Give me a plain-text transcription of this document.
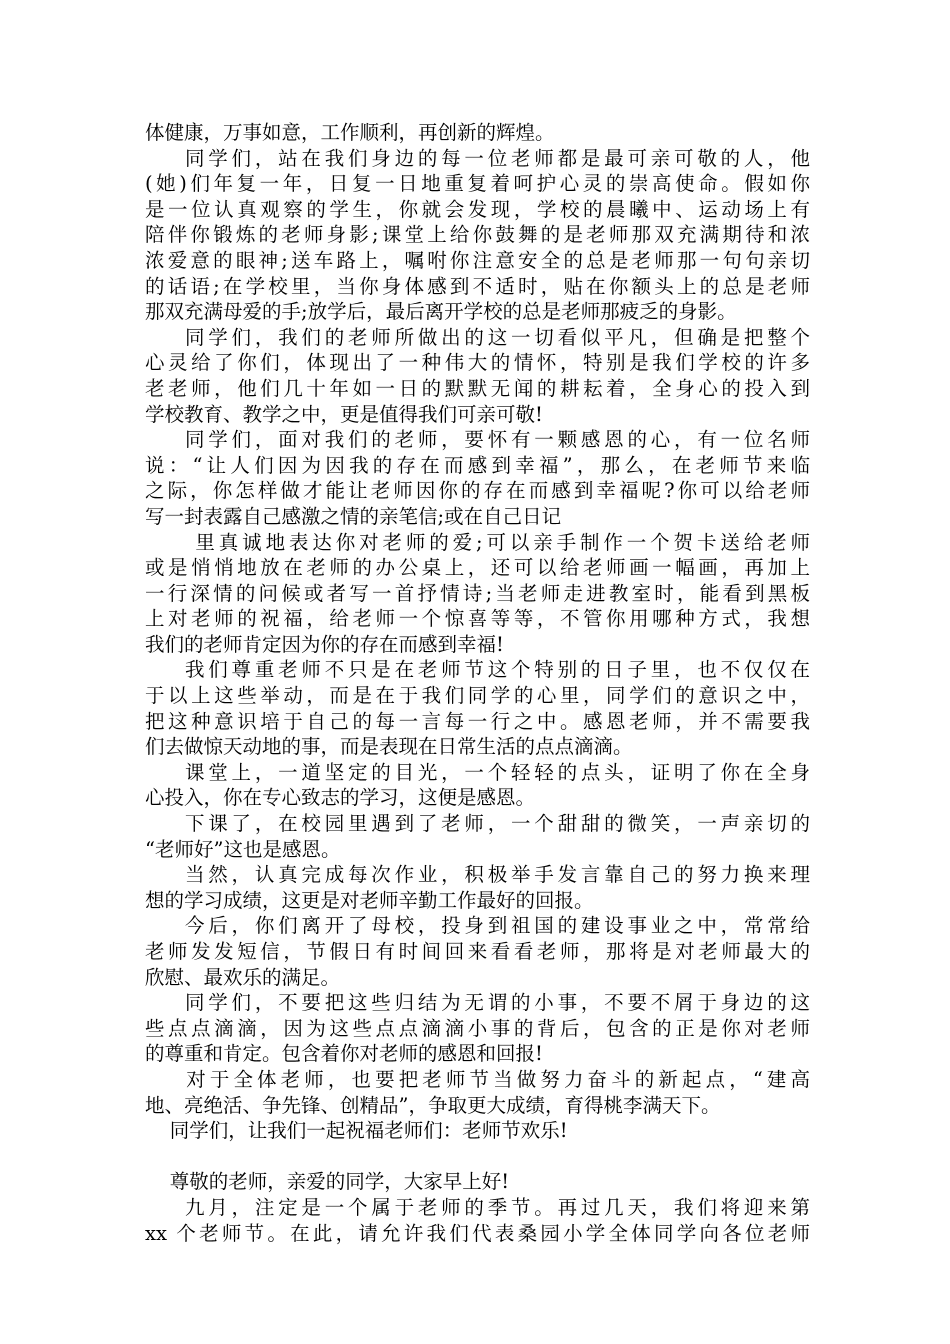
体健康，万事如意，工作顺利，再创新的辉煌。
同学们，站在我们身边的每一位老师都是最可亲可敬的人，他
(她)们年复一年，日复一日地重复着呵护心灵的崇高使命。假如你
是一位认真观察的学生，你就会发现，学校的晨曦中、运动场上有
陪伴你锻炼的老师身影;课堂上给你鼓舞的是老师那双充满期待和浓
浓爱意的眼神;送车路上，嘱咐你注意安全的总是老师那一句句亲切
的话语;在学校里，当你身体感到不适时，贴在你额头上的总是老师
那双充满母爱的手;放学后，最后离开学校的总是老师那疲乏的身影。
同学们，我们的老师所做出的这一切看似平凡，但确是把整个
心灵给了你们，体现出了一种伟大的情怀，特别是我们学校的许多
老老师，他们几十年如一日的默默无闻的耕耘着，全身心的投入到
学校教育、教学之中，更是值得我们可亲可敬!
同学们，面对我们的老师，要怀有一颗感恩的心，有一位名师
说：“让人们因为因我的存在而感到幸福”，那么，在老师节来临
之际，你怎样做才能让老师因你的存在而感到幸福呢?你可以给老师
写一封表露自己感激之情的亲笔信;或在自己日记
里真诚地表达你对老师的爱;可以亲手制作一个贺卡送给老师
或是悄悄地放在老师的办公桌上，还可以给老师画一幅画，再加上
一行深情的问候或者写一首抒情诗;当老师走进教室时，能看到黑板
上对老师的祝福，给老师一个惊喜等等，不管你用哪种方式，我想
我们的老师肯定因为你的存在而感到幸福!
我们尊重老师不只是在老师节这个特别的日子里，也不仅仅在
于以上这些举动，而是在于我们同学的心里，同学们的意识之中，
把这种意识培于自己的每一言每一行之中。感恩老师，并不需要我
们去做惊天动地的事，而是表现在日常生活的点点滴滴。
课堂上，一道坚定的目光，一个轻轻的点头，证明了你在全身
心投入，你在专心致志的学习，这便是感恩。
下课了，在校园里遇到了老师，一个甜甜的微笑，一声亲切的
“老师好”这也是感恩。
当然，认真完成每次作业，积极举手发言靠自己的努力换来理
想的学习成绩，这更是对老师辛勤工作最好的回报。
今后，你们离开了母校，投身到祖国的建设事业之中，常常给
老师发发短信，节假日有时间回来看看老师，那将是对老师最大的
欣慰、最欢乐的满足。
同学们，不要把这些归结为无谓的小事，不要不屑于身边的这
些点点滴滴，因为这些点点滴滴小事的背后，包含的正是你对老师
的尊重和肯定。包含着你对老师的感恩和回报!
对于全体老师，也要把老师节当做努力奋斗的新起点，“建高
地、亮绝活、争先锋、创精品”，争取更大成绩，育得桃李满天下。
同学们，让我们一起祝福老师们：老师节欢乐!
尊敬的老师，亲爱的同学，大家早上好!
九月，注定是一个属于老师的季节。再过几天，我们将迎来第
xx 个老师节。在此，请允许我们代表桑园小学全体同学向各位老师
